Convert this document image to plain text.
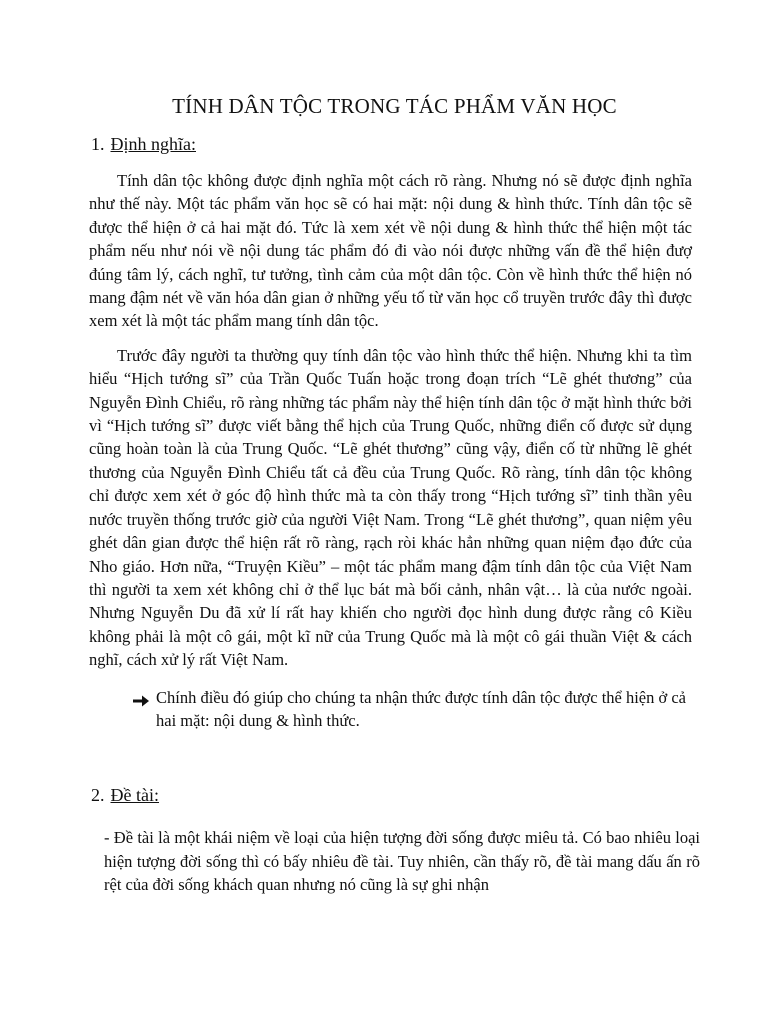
TÍNH DÂN TỘC TRONG TÁC PHẨM VĂN HỌC
1. Định nghĩa:

Tính dân tộc không được định nghĩa một cách rõ ràng. Nhưng nó sẽ được định nghĩa như thế này. Một tác phẩm văn học sẽ có hai mặt: nội dung & hình thức. Tính dân tộc sẽ được thể hiện ở cả hai mặt đó. Tức là xem xét về nội dung & hình thức thể hiện một tác phẩm nếu như nói về nội dung tác phẩm đó đi vào nói được những vấn đề thể hiện đượ đúng tâm lý, cách nghĩ, tư tưởng, tình cảm của một dân tộc. Còn về hình thức thể hiện nó mang đậm nét về văn hóa dân gian ở những yếu tố từ văn học cổ truyền trước đây thì được xem xét là một tác phẩm mang tính dân tộc.

Trước đây người ta thường quy tính dân tộc vào hình thức thể hiện. Nhưng khi ta tìm hiểu “Hịch tướng sĩ” của Trần Quốc Tuấn hoặc trong đoạn trích “Lẽ ghét thương” của Nguyễn Đình Chiểu, rõ ràng những tác phẩm này thể hiện tính dân tộc ở mặt hình thức bởi vì “Hịch tướng sĩ” được viết bằng thể hịch của Trung Quốc, những điển cố được sử dụng cũng hoàn toàn là của Trung Quốc. “Lẽ ghét thương” cũng vậy, điển cố từ những lẽ ghét thương của Nguyễn Đình Chiểu tất cả đều của Trung Quốc. Rõ ràng, tính dân tộc không chỉ được xem xét ở góc độ hình thức mà ta còn thấy trong “Hịch tướng sĩ” tinh thần yêu nước truyền thống trước giờ của người Việt Nam. Trong “Lẽ ghét thương”, quan niệm yêu ghét dân gian được thể hiện rất rõ ràng, rạch ròi khác hẳn những quan niệm đạo đức của Nho giáo. Hơn nữa, “Truyện Kiều” – một tác phẩm mang đậm tính dân tộc của Việt Nam thì người ta xem xét không chỉ ở thể lục bát mà bối cảnh, nhân vật… là của nước ngoài. Nhưng Nguyễn Du đã xử lí rất hay khiến cho người đọc hình dung được rằng cô Kiều không phải là một cô gái, một kĩ nữ của Trung Quốc mà là một cô gái thuần Việt & cách nghĩ, cách xử lý rất Việt Nam.

Chính điều đó giúp cho chúng ta nhận thức được tính dân tộc được thể hiện ở cả hai mặt: nội dung & hình thức.
2. Đề tài:

- Đề tài là một khái niệm về loại của hiện tượng đời sống được miêu tả. Có bao nhiêu loại hiện tượng đời sống thì có bấy nhiêu đề tài. Tuy nhiên, cần thấy rõ, đề tài mang dấu ấn rõ rệt của đời sống khách quan nhưng nó cũng là sự ghi nhận
